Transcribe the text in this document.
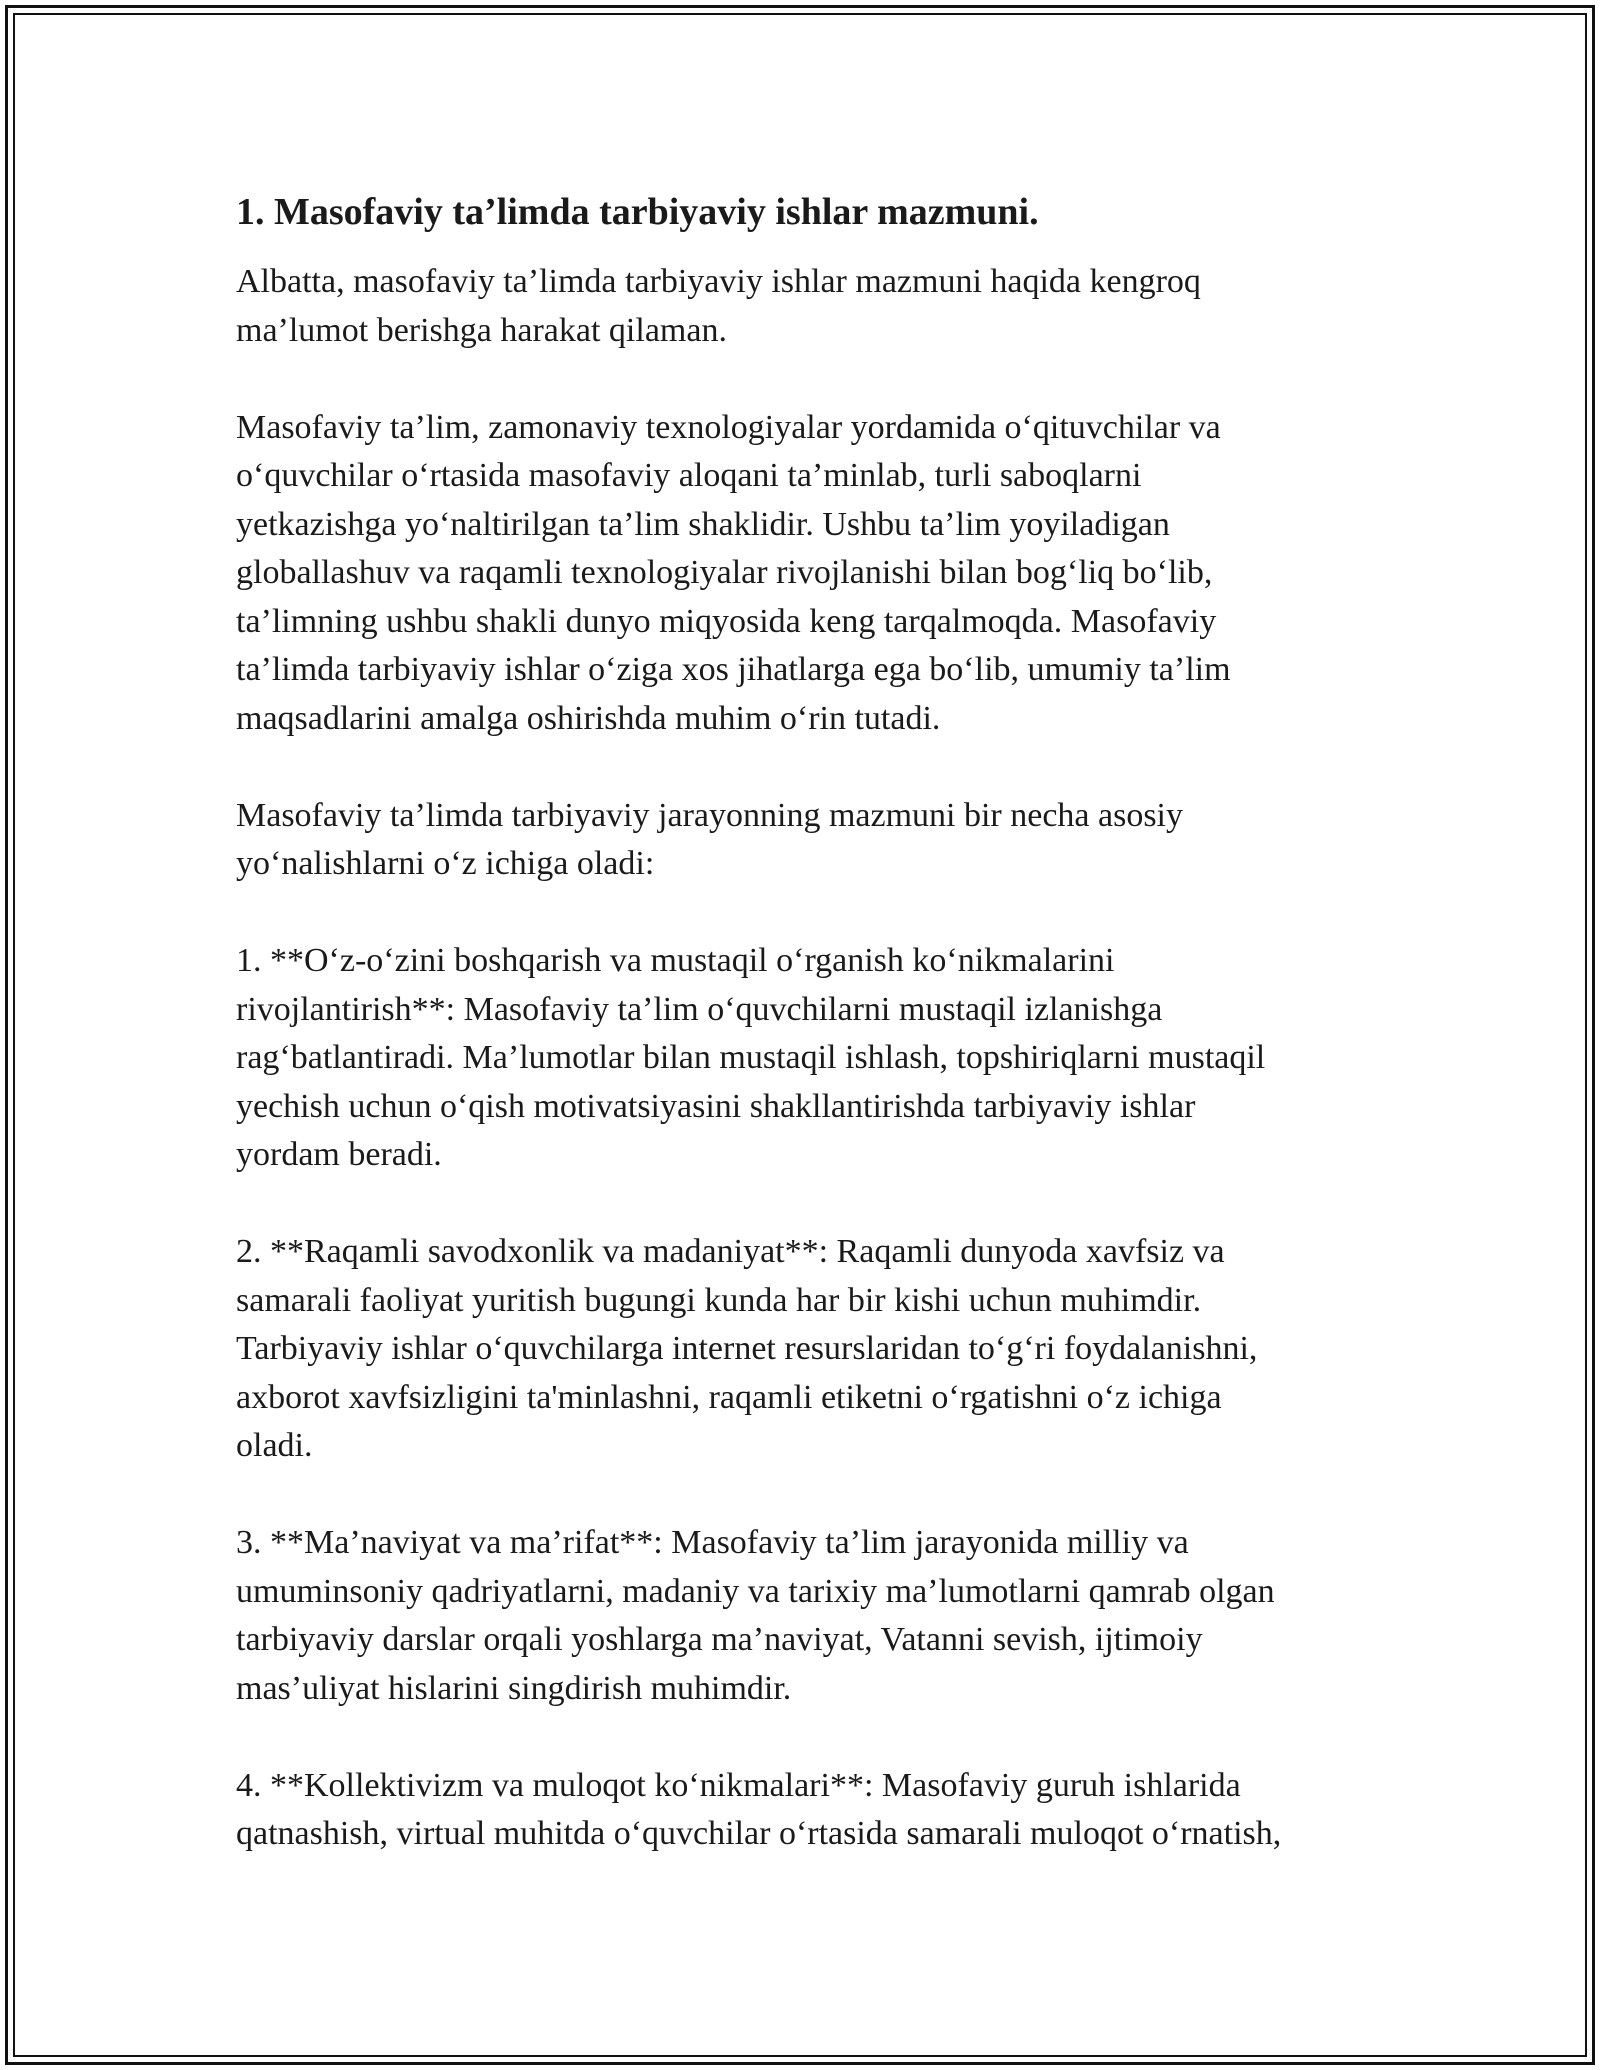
1. Masofaviy ta’limda tarbiyaviy ishlar mazmuni.
Albatta, masofaviy ta’limda tarbiyaviy ishlar mazmuni haqida kengroq
ma’lumot berishga harakat qilaman.
Masofaviy ta’lim, zamonaviy texnologiyalar yordamida o‘qituvchilar va
o‘quvchilar o‘rtasida masofaviy aloqani ta’minlab, turli saboqlarni
yetkazishga yo‘naltirilgan ta’lim shaklidir. Ushbu ta’lim yoyiladigan
globallashuv va raqamli texnologiyalar rivojlanishi bilan bog‘liq bo‘lib,
ta’limning ushbu shakli dunyo miqyosida keng tarqalmoqda. Masofaviy
ta’limda tarbiyaviy ishlar o‘ziga xos jihatlarga ega bo‘lib, umumiy ta’lim
maqsadlarini amalga oshirishda muhim o‘rin tutadi.
Masofaviy ta’limda tarbiyaviy jarayonning mazmuni bir necha asosiy
yo‘nalishlarni o‘z ichiga oladi:
1. **O‘z-o‘zini boshqarish va mustaqil o‘rganish ko‘nikmalarini
rivojlantirish**: Masofaviy ta’lim o‘quvchilarni mustaqil izlanishga
rag‘batlantiradi. Ma’lumotlar bilan mustaqil ishlash, topshiriqlarni mustaqil
yechish uchun o‘qish motivatsiyasini shakllantirishda tarbiyaviy ishlar
yordam beradi.
2. **Raqamli savodxonlik va madaniyat**: Raqamli dunyoda xavfsiz va
samarali faoliyat yuritish bugungi kunda har bir kishi uchun muhimdir.
Tarbiyaviy ishlar o‘quvchilarga internet resurslaridan to‘g‘ri foydalanishni,
axborot xavfsizligini ta'minlashni, raqamli etiketni o‘rgatishni o‘z ichiga
oladi.
3. **Ma’naviyat va ma’rifat**: Masofaviy ta’lim jarayonida milliy va
umuminsoniy qadriyatlarni, madaniy va tarixiy ma’lumotlarni qamrab olgan
tarbiyaviy darslar orqali yoshlarga ma’naviyat, Vatanni sevish, ijtimoiy
mas’uliyat hislarini singdirish muhimdir.
4. **Kollektivizm va muloqot ko‘nikmalari**: Masofaviy guruh ishlarida
qatnashish, virtual muhitda o‘quvchilar o‘rtasida samarali muloqot o‘rnatish,
